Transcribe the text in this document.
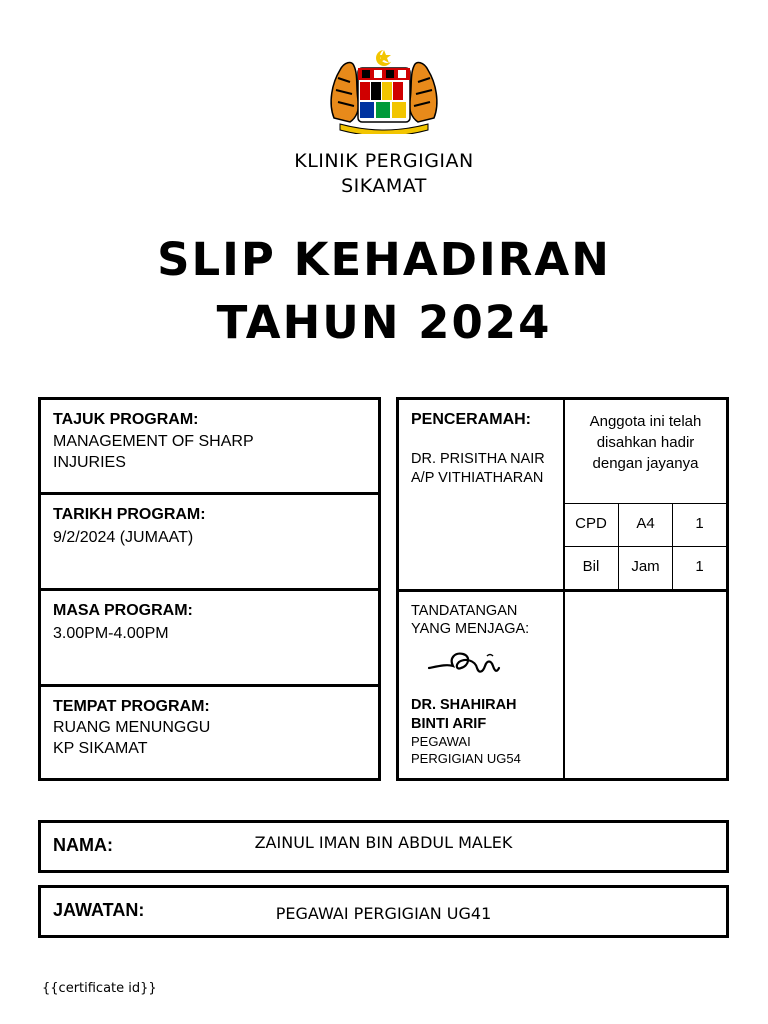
KLINIK PERGIGIAN
SIKAMAT
SLIP KEHADIRAN
TAHUN 2024
TAJUK PROGRAM:
MANAGEMENT OF SHARP
INJURIES
TARIKH PROGRAM:
9/2/2024 (JUMAAT)
MASA PROGRAM:
3.00PM-4.00PM
TEMPAT PROGRAM:
RUANG MENUNGGU
KP SIKAMAT
PENCERAMAH:
DR. PRISITHA NAIR
A/P VITHIATHARAN
Anggota ini telah
disahkan hadir
dengan jayanya
CPD	A4	1
Bil	Jam	1
TANDATANGAN
YANG MENJAGA:
DR. SHAHIRAH
BINTI ARIF
PEGAWAI
PERGIGIAN UG54
NAMA:	ZAINUL IMAN BIN ABDUL MALEK
JAWATAN:	PEGAWAI PERGIGIAN UG41
{{certificate id}}
